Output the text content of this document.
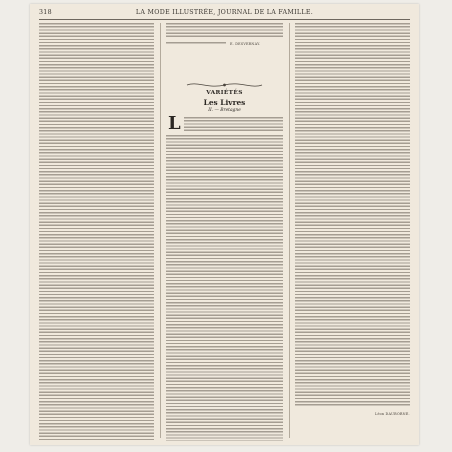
318	LA MODE ILLUSTRÉE, JOURNAL DE LA FAMILLE.
E. DESVERNAY.
VARIÉTÉS
Les Livres
II. — Bretagne
L
Léon DAUBORNE.
